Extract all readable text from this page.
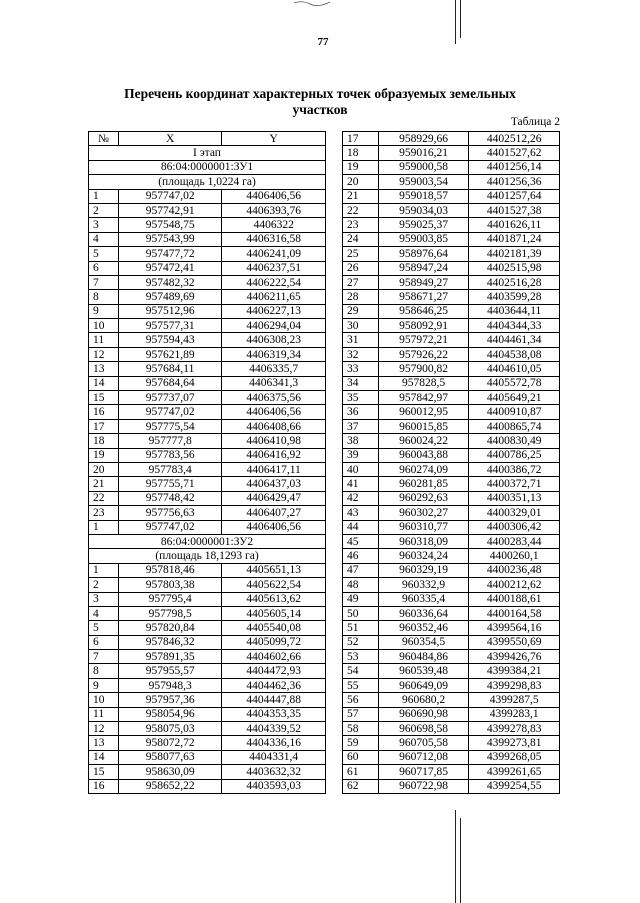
77
Перечень координат характерных точек образуемых земельных участков
Таблица 2
№	X	Y
I этап		
86:04:0000001:ЗУ1		
(площадь 1,0224 га)		
1	957747,02	4406406,56
2	957742,91	4406393,76
3	957548,75	4406322
4	957543,99	4406316,58
5	957477,72	4406241,09
6	957472,41	4406237,51
7	957482,32	4406222,54
8	957489,69	4406211,65
9	957512,96	4406227,13
10	957577,31	4406294,04
11	957594,43	4406308,23
12	957621,89	4406319,34
13	957684,11	4406335,7
14	957684,64	4406341,3
15	957737,07	4406375,56
16	957747,02	4406406,56
17	957775,54	4406408,66
18	957777,8	4406410,98
19	957783,56	4406416,92
20	957783,4	4406417,11
21	957755,71	4406437,03
22	957748,42	4406429,47
23	957756,63	4406407,27
1	957747,02	4406406,56
86:04:0000001:ЗУ2		
(площадь 18,1293 га)		
1	957818,46	4405651,13
2	957803,38	4405622,54
3	957795,4	4405613,62
4	957798,5	4405605,14
5	957820,84	4405540,08
6	957846,32	4405099,72
7	957891,35	4404602,66
8	957955,57	4404472,93
9	957948,3	4404462,36
10	957957,36	4404447,88
11	958054,96	4404353,35
12	958075,03	4404339,52
13	958072,72	4404336,16
14	958077,63	4404331,4
15	958630,09	4403632,32
16	958652,22	4403593,03
17	958929,66	4402512,26
18	959016,21	4401527,62
19	959000,58	4401256,14
20	959003,54	4401256,36
21	959018,57	4401257,64
22	959034,03	4401527,38
23	959025,37	4401626,11
24	959003,85	4401871,24
25	958976,64	4402181,39
26	958947,24	4402515,98
27	958949,27	4402516,28
28	958671,27	4403599,28
29	958646,25	4403644,11
30	958092,91	4404344,33
31	957972,21	4404461,34
32	957926,22	4404538,08
33	957900,82	4404610,05
34	957828,5	4405572,78
35	957842,97	4405649,21
36	960012,95	4400910,87
37	960015,85	4400865,74
38	960024,22	4400830,49
39	960043,88	4400786,25
40	960274,09	4400386,72
41	960281,85	4400372,71
42	960292,63	4400351,13
43	960302,27	4400329,01
44	960310,77	4400306,42
45	960318,09	4400283,44
46	960324,24	4400260,1
47	960329,19	4400236,48
48	960332,9	4400212,62
49	960335,4	4400188,61
50	960336,64	4400164,58
51	960352,46	4399564,16
52	960354,5	4399550,69
53	960484,86	4399426,76
54	960539,48	4399384,21
55	960649,09	4399298,83
56	960680,2	4399287,5
57	960690,98	4399283,1
58	960698,58	4399278,83
59	960705,58	4399273,81
60	960712,08	4399268,05
61	960717,85	4399261,65
62	960722,98	4399254,55
